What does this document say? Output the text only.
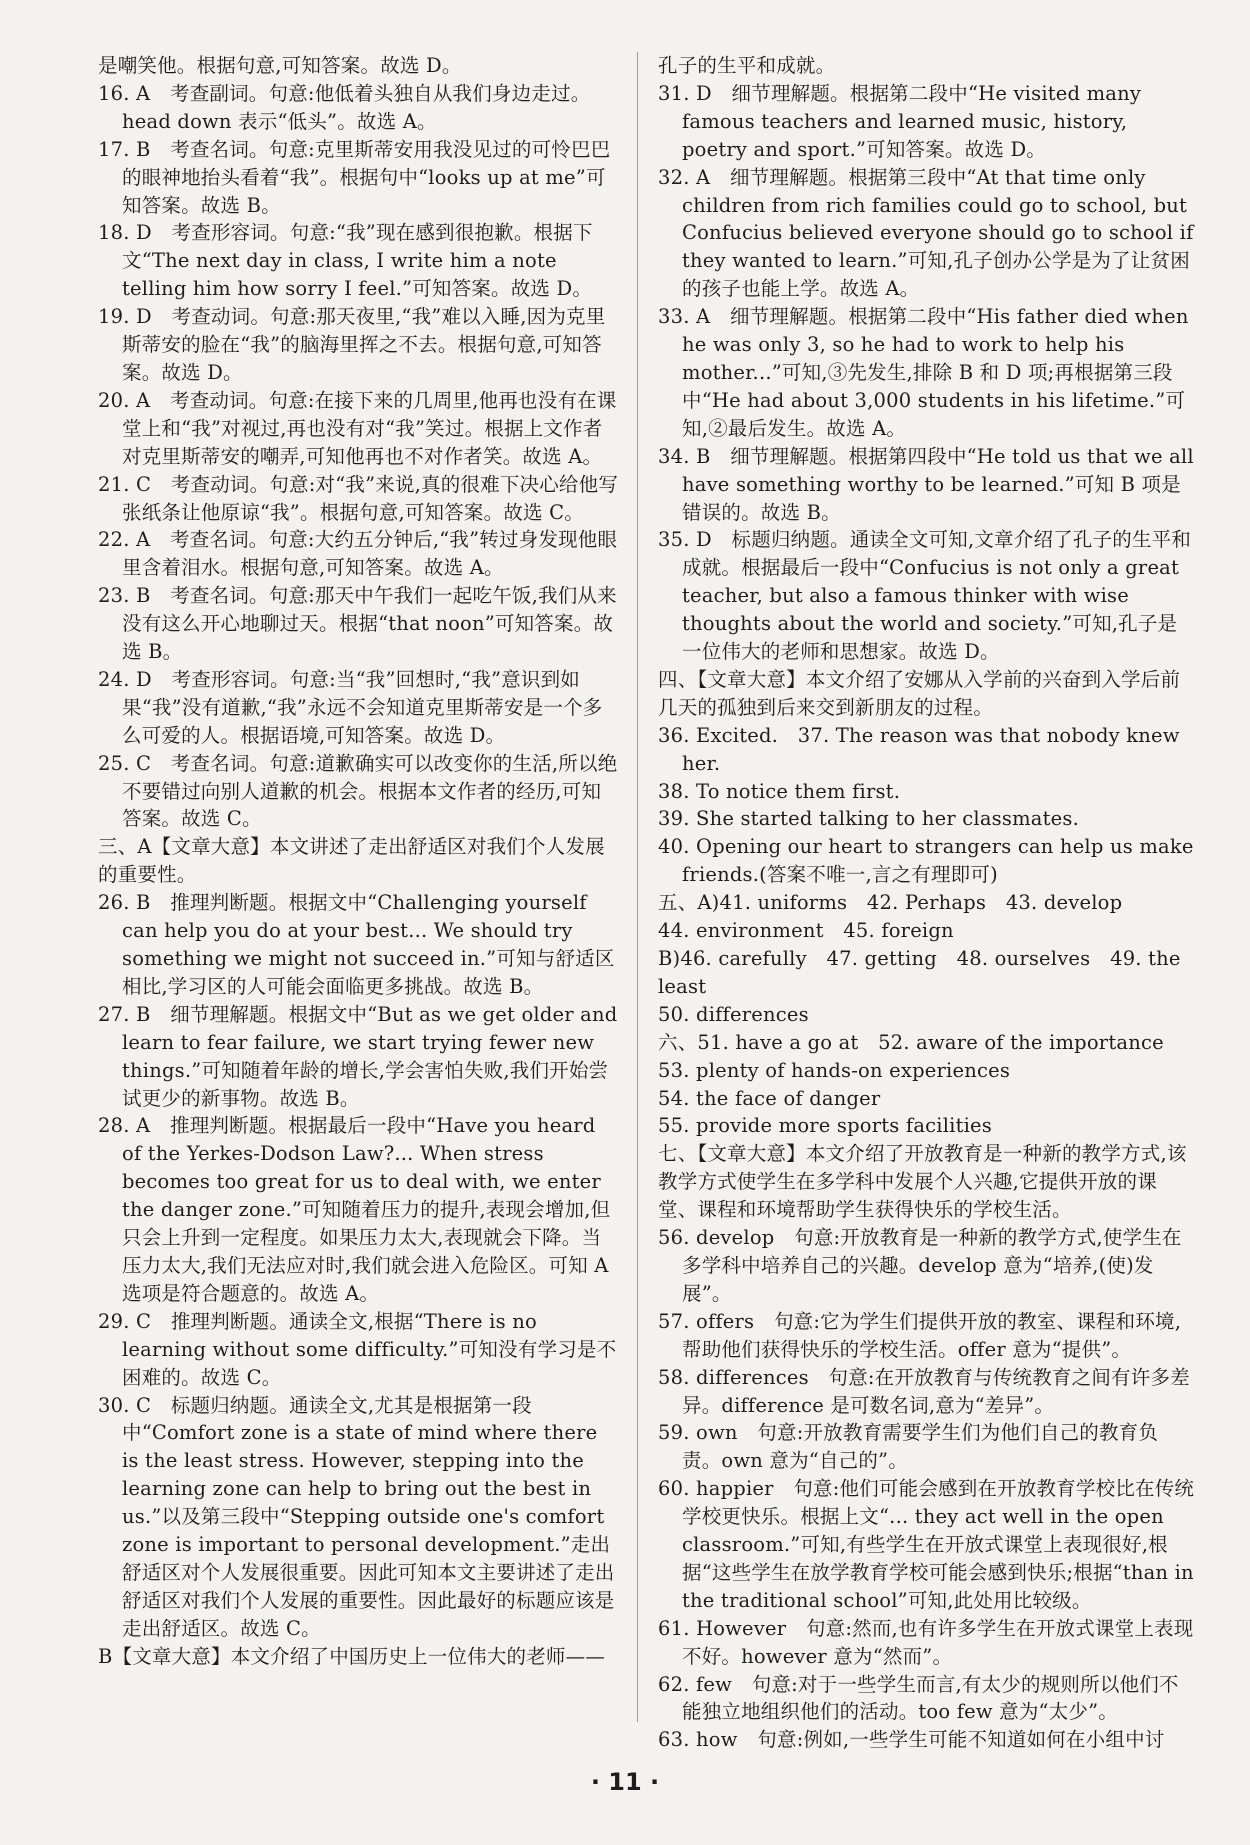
是嘲笑他。根据句意,可知答案。故选 D。

16. A　考查副词。句意:他低着头独自从我们身边走过。head down 表示“低头”。故选 A。

17. B　考查名词。句意:克里斯蒂安用我没见过的可怜巴巴的眼神地抬头看着“我”。根据句中“looks up at me”可知答案。故选 B。

18. D　考查形容词。句意:“我”现在感到很抱歉。根据下文“The next day in class, I write him a note telling him how sorry I feel.”可知答案。故选 D。

19. D　考查动词。句意:那天夜里,“我”难以入睡,因为克里斯蒂安的脸在“我”的脑海里挥之不去。根据句意,可知答案。故选 D。

20. A　考查动词。句意:在接下来的几周里,他再也没有在课堂上和“我”对视过,再也没有对“我”笑过。根据上文作者对克里斯蒂安的嘲弄,可知他再也不对作者笑。故选 A。

21. C　考查动词。句意:对“我”来说,真的很难下决心给他写张纸条让他原谅“我”。根据句意,可知答案。故选 C。

22. A　考查名词。句意:大约五分钟后,“我”转过身发现他眼里含着泪水。根据句意,可知答案。故选 A。

23. B　考查名词。句意:那天中午我们一起吃午饭,我们从来没有这么开心地聊过天。根据“that noon”可知答案。故选 B。

24. D　考查形容词。句意:当“我”回想时,“我”意识到如果“我”没有道歉,“我”永远不会知道克里斯蒂安是一个多么可爱的人。根据语境,可知答案。故选 D。

25. C　考查名词。句意:道歉确实可以改变你的生活,所以绝不要错过向别人道歉的机会。根据本文作者的经历,可知答案。故选 C。

三、A【文章大意】本文讲述了走出舒适区对我们个人发展的重要性。

26. B　推理判断题。根据文中“Challenging yourself can help you do at your best... We should try something we might not succeed in.”可知与舒适区相比,学习区的人可能会面临更多挑战。故选 B。

27. B　细节理解题。根据文中“But as we get older and learn to fear failure, we start trying fewer new things.”可知随着年龄的增长,学会害怕失败,我们开始尝试更少的新事物。故选 B。

28. A　推理判断题。根据最后一段中“Have you heard of the Yerkes-Dodson Law?... When stress becomes too great for us to deal with, we enter the danger zone.”可知随着压力的提升,表现会增加,但只会上升到一定程度。如果压力太大,表现就会下降。当压力太大,我们无法应对时,我们就会进入危险区。可知 A 选项是符合题意的。故选 A。

29. C　推理判断题。通读全文,根据“There is no learning without some difficulty.”可知没有学习是不困难的。故选 C。

30. C　标题归纳题。通读全文,尤其是根据第一段中“Comfort zone is a state of mind where there is the least stress. However, stepping into the learning zone can help to bring out the best in us.”以及第三段中“Stepping outside one's comfort zone is important to personal development.”走出舒适区对个人发展很重要。因此可知本文主要讲述了走出舒适区对我们个人发展的重要性。因此最好的标题应该是走出舒适区。故选 C。

B【文章大意】本文介绍了中国历史上一位伟大的老师——

孔子的生平和成就。

31. D　细节理解题。根据第二段中“He visited many famous teachers and learned music, history, poetry and sport.”可知答案。故选 D。

32. A　细节理解题。根据第三段中“At that time only children from rich families could go to school, but Confucius believed everyone should go to school if they wanted to learn.”可知,孔子创办公学是为了让贫困的孩子也能上学。故选 A。

33. A　细节理解题。根据第二段中“His father died when he was only 3, so he had to work to help his mother...”可知,③先发生,排除 B 和 D 项;再根据第三段中“He had about 3,000 students in his lifetime.”可知,②最后发生。故选 A。

34. B　细节理解题。根据第四段中“He told us that we all have something worthy to be learned.”可知 B 项是错误的。故选 B。

35. D　标题归纳题。通读全文可知,文章介绍了孔子的生平和成就。根据最后一段中“Confucius is not only a great teacher, but also a famous thinker with wise thoughts about the world and society.”可知,孔子是一位伟大的老师和思想家。故选 D。

四、【文章大意】本文介绍了安娜从入学前的兴奋到入学后前几天的孤独到后来交到新朋友的过程。

36. Excited.　37. The reason was that nobody knew her.

38. To notice them first.

39. She started talking to her classmates.

40. Opening our heart to strangers can help us make friends.(答案不唯一,言之有理即可)

五、A)41. uniforms　42. Perhaps　43. develop

44. environment　45. foreign

B)46. carefully　47. getting　48. ourselves　49. the least

50. differences

六、51. have a go at　52. aware of the importance

53. plenty of hands-on experiences

54. the face of danger

55. provide more sports facilities

七、【文章大意】本文介绍了开放教育是一种新的教学方式,该教学方式使学生在多学科中发展个人兴趣,它提供开放的课堂、课程和环境帮助学生获得快乐的学校生活。

56. develop　句意:开放教育是一种新的教学方式,使学生在多学科中培养自己的兴趣。develop 意为“培养,(使)发展”。

57. offers　句意:它为学生们提供开放的教室、课程和环境,帮助他们获得快乐的学校生活。offer 意为“提供”。

58. differences　句意:在开放教育与传统教育之间有许多差异。difference 是可数名词,意为“差异”。

59. own　句意:开放教育需要学生们为他们自己的教育负责。own 意为“自己的”。

60. happier　句意:他们可能会感到在开放教育学校比在传统学校更快乐。根据上文“... they act well in the open classroom.”可知,有些学生在开放式课堂上表现很好,根据“这些学生在放学教育学校可能会感到快乐;根据“than in the traditional school”可知,此处用比较级。

61. However　句意:然而,也有许多学生在开放式课堂上表现不好。however 意为“然而”。

62. few　句意:对于一些学生而言,有太少的规则所以他们不能独立地组织他们的活动。too few 意为“太少”。

63. how　句意:例如,一些学生可能不知道如何在小组中讨

· 11 ·
